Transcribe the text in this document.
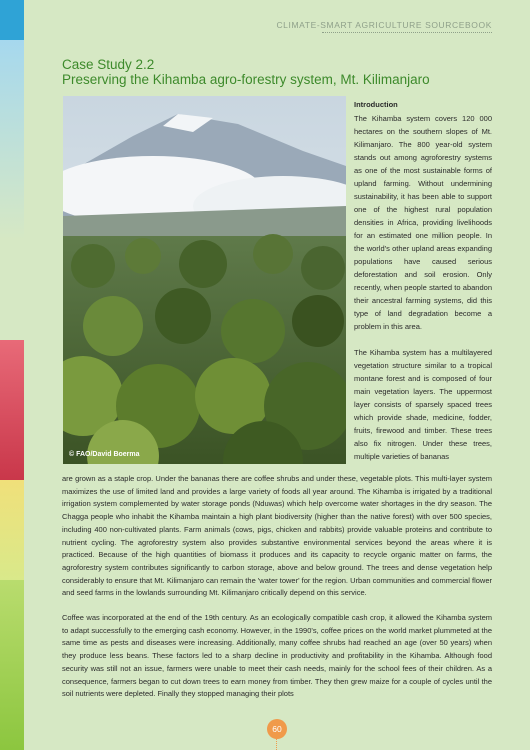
CLIMATE-SMART AGRICULTURE SOURCEBOOK
Case Study 2.2
Preserving the Kihamba agro-forestry system, Mt. Kilimanjaro
© FAO/David Boerma
Introduction

The Kihamba system covers 120 000 hectares on the southern slopes of Mt. Kilimanjaro. The 800 year-old system stands out among agroforestry systems as one of the most sustainable forms of upland farming. Without undermining sustainability, it has been able to support one of the highest rural population densities in Africa, providing livelihoods for an estimated one million people. In the world's other upland areas expanding populations have caused serious deforestation and soil erosion. Only recently, when people started to abandon their ancestral farming systems, did this type of land degradation become a problem in this area.

The Kihamba system has a multilayered vegetation structure similar to a tropical montane forest and is composed of four main vegetation layers. The uppermost layer consists of sparsely spaced trees which provide shade, medicine, fodder, fruits, firewood and timber. These trees also fix nitrogen. Under these trees, multiple varieties of bananas

are grown as a staple crop. Under the bananas there are coffee shrubs and under these, vegetable plots. This multi-layer system maximizes the use of limited land and provides a large variety of foods all year around. The Kihamba is irrigated by a traditional irrigation system complemented by water storage ponds (Nduwas) which help overcome water shortages in the dry season. The Chagga people who inhabit the Kihamba maintain a high plant biodiversity (higher than the native forest) with over 500 species, including 400 non-cultivated plants. Farm animals (cows, pigs, chicken and rabbits) provide valuable proteins and contribute to nutrient cycling. The agroforestry system also provides substantive environmental services beyond the areas where it is practiced. Because of the high quantities of biomass it produces and its capacity to recycle organic matter on farms, the agroforestry system contributes significantly to carbon storage, above and below ground. The trees and dense vegetation help considerably to ensure that Mt. Kilimanjaro can remain the 'water tower' for the region. Urban communities and commercial flower and seed farms in the lowlands surrounding Mt. Kilimanjaro critically depend on this service.

Coffee was incorporated at the end of the 19th century. As an ecologically compatible cash crop, it allowed the Kihamba system to adapt successfully to the emerging cash economy. However, in the 1990's, coffee prices on the world market plummeted at the same time as pests and diseases were increasing. Additionally, many coffee shrubs had reached an age (over 50 years) when they produce less beans. These factors led to a sharp decline in productivity and profitability in the Kihamba. Although food security was still not an issue, farmers were unable to meet their cash needs, mainly for the school fees of their children. As a consequence, farmers began to cut down trees to earn money from timber. They then grew maize for a couple of cycles until the soil nutrients were depleted. Finally they stopped managing their plots

60
